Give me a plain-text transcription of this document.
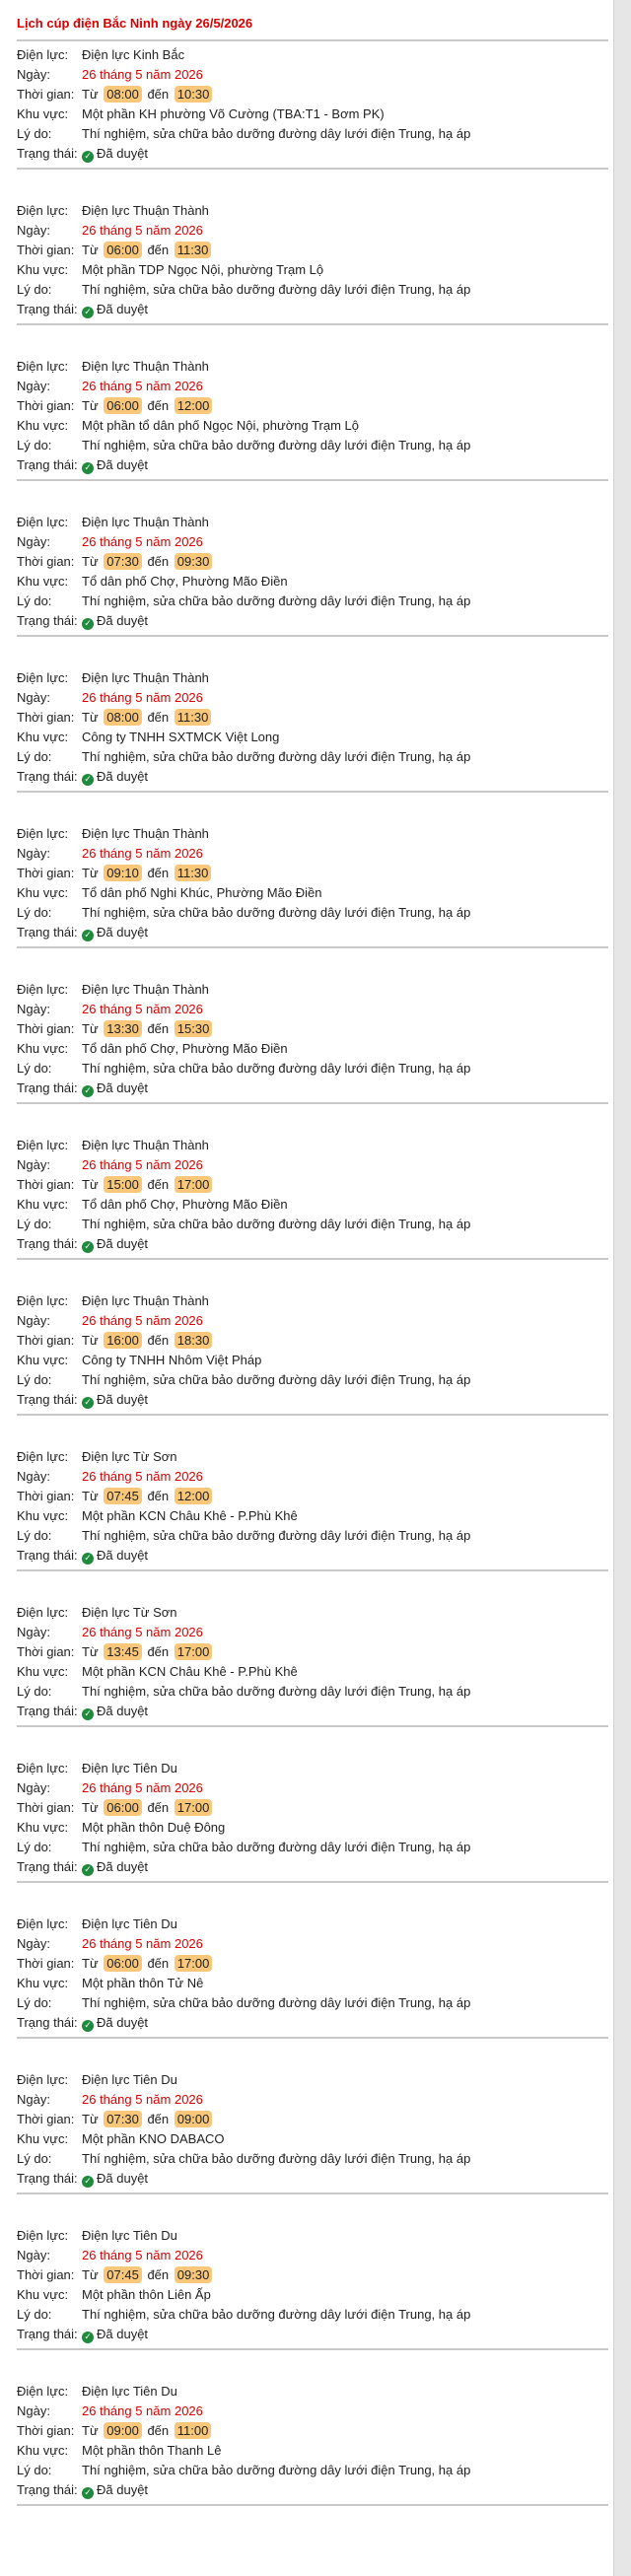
Lịch cúp điện Bắc Ninh ngày 26/5/2026
Điện lực: Điện lực Kinh Bắc
Ngày: 26 tháng 5 năm 2026
Thời gian: Từ 08:00 đến 10:30
Khu vực: Một phần KH phường Võ Cường (TBA:T1 - Bơm PK)
Lý do: Thí nghiệm, sửa chữa bảo dưỡng đường dây lưới điện Trung, hạ áp
Trạng thái: ✓ Đã duyệt
Điện lực: Điện lực Thuận Thành
Ngày: 26 tháng 5 năm 2026
Thời gian: Từ 06:00 đến 11:30
Khu vực: Một phần TDP Ngọc Nội, phường Trạm Lộ
Lý do: Thí nghiệm, sửa chữa bảo dưỡng đường dây lưới điện Trung, hạ áp
Trạng thái: ✓ Đã duyệt
Điện lực: Điện lực Thuận Thành
Ngày: 26 tháng 5 năm 2026
Thời gian: Từ 06:00 đến 12:00
Khu vực: Một phần tổ dân phố Ngọc Nội, phường Trạm Lộ
Lý do: Thí nghiệm, sửa chữa bảo dưỡng đường dây lưới điện Trung, hạ áp
Trạng thái: ✓ Đã duyệt
Điện lực: Điện lực Thuận Thành
Ngày: 26 tháng 5 năm 2026
Thời gian: Từ 07:30 đến 09:30
Khu vực: Tổ dân phố Chợ, Phường Mão Điền
Lý do: Thí nghiệm, sửa chữa bảo dưỡng đường dây lưới điện Trung, hạ áp
Trạng thái: ✓ Đã duyệt
Điện lực: Điện lực Thuận Thành
Ngày: 26 tháng 5 năm 2026
Thời gian: Từ 08:00 đến 11:30
Khu vực: Công ty TNHH SXTMCK Việt Long
Lý do: Thí nghiệm, sửa chữa bảo dưỡng đường dây lưới điện Trung, hạ áp
Trạng thái: ✓ Đã duyệt
Điện lực: Điện lực Thuận Thành
Ngày: 26 tháng 5 năm 2026
Thời gian: Từ 09:10 đến 11:30
Khu vực: Tổ dân phố Nghi Khúc, Phường Mão Điền
Lý do: Thí nghiệm, sửa chữa bảo dưỡng đường dây lưới điện Trung, hạ áp
Trạng thái: ✓ Đã duyệt
Điện lực: Điện lực Thuận Thành
Ngày: 26 tháng 5 năm 2026
Thời gian: Từ 13:30 đến 15:30
Khu vực: Tổ dân phố Chợ, Phường Mão Điền
Lý do: Thí nghiệm, sửa chữa bảo dưỡng đường dây lưới điện Trung, hạ áp
Trạng thái: ✓ Đã duyệt
Điện lực: Điện lực Thuận Thành
Ngày: 26 tháng 5 năm 2026
Thời gian: Từ 15:00 đến 17:00
Khu vực: Tổ dân phố Chợ, Phường Mão Điền
Lý do: Thí nghiệm, sửa chữa bảo dưỡng đường dây lưới điện Trung, hạ áp
Trạng thái: ✓ Đã duyệt
Điện lực: Điện lực Thuận Thành
Ngày: 26 tháng 5 năm 2026
Thời gian: Từ 16:00 đến 18:30
Khu vực: Công ty TNHH Nhôm Việt Pháp
Lý do: Thí nghiệm, sửa chữa bảo dưỡng đường dây lưới điện Trung, hạ áp
Trạng thái: ✓ Đã duyệt
Điện lực: Điện lực Từ Sơn
Ngày: 26 tháng 5 năm 2026
Thời gian: Từ 07:45 đến 12:00
Khu vực: Một phần KCN Châu Khê - P.Phù Khê
Lý do: Thí nghiệm, sửa chữa bảo dưỡng đường dây lưới điện Trung, hạ áp
Trạng thái: ✓ Đã duyệt
Điện lực: Điện lực Từ Sơn
Ngày: 26 tháng 5 năm 2026
Thời gian: Từ 13:45 đến 17:00
Khu vực: Một phần KCN Châu Khê - P.Phù Khê
Lý do: Thí nghiệm, sửa chữa bảo dưỡng đường dây lưới điện Trung, hạ áp
Trạng thái: ✓ Đã duyệt
Điện lực: Điện lực Tiên Du
Ngày: 26 tháng 5 năm 2026
Thời gian: Từ 06:00 đến 17:00
Khu vực: Một phần thôn Duệ Đông
Lý do: Thí nghiệm, sửa chữa bảo dưỡng đường dây lưới điện Trung, hạ áp
Trạng thái: ✓ Đã duyệt
Điện lực: Điện lực Tiên Du
Ngày: 26 tháng 5 năm 2026
Thời gian: Từ 06:00 đến 17:00
Khu vực: Một phần thôn Tử Nê
Lý do: Thí nghiệm, sửa chữa bảo dưỡng đường dây lưới điện Trung, hạ áp
Trạng thái: ✓ Đã duyệt
Điện lực: Điện lực Tiên Du
Ngày: 26 tháng 5 năm 2026
Thời gian: Từ 07:30 đến 09:00
Khu vực: Một phần KNO DABACO
Lý do: Thí nghiệm, sửa chữa bảo dưỡng đường dây lưới điện Trung, hạ áp
Trạng thái: ✓ Đã duyệt
Điện lực: Điện lực Tiên Du
Ngày: 26 tháng 5 năm 2026
Thời gian: Từ 07:45 đến 09:30
Khu vực: Một phần thôn Liên Ấp
Lý do: Thí nghiệm, sửa chữa bảo dưỡng đường dây lưới điện Trung, hạ áp
Trạng thái: ✓ Đã duyệt
Điện lực: Điện lực Tiên Du
Ngày: 26 tháng 5 năm 2026
Thời gian: Từ 09:00 đến 11:00
Khu vực: Một phần thôn Thanh Lê
Lý do: Thí nghiệm, sửa chữa bảo dưỡng đường dây lưới điện Trung, hạ áp
Trạng thái: ✓ Đã duyệt
